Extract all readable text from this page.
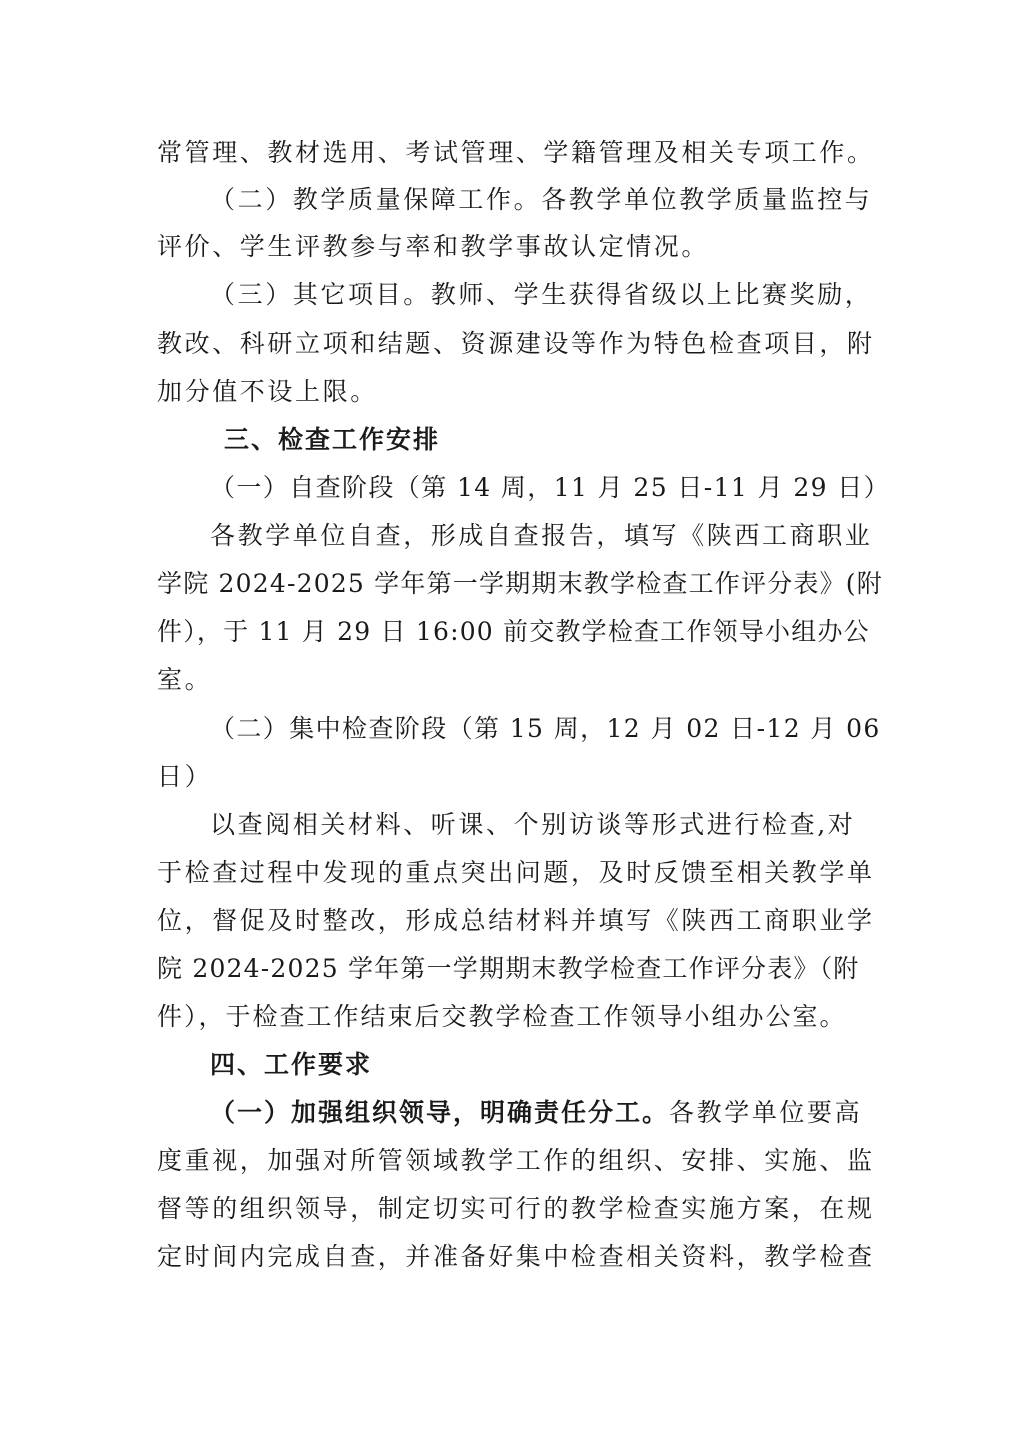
常管理、教材选用、考试管理、学籍管理及相关专项工作。
（二）教学质量保障工作。各教学单位教学质量监控与
评价、学生评教参与率和教学事故认定情况。
（三）其它项目。教师、学生获得省级以上比赛奖励，
教改、科研立项和结题、资源建设等作为特色检查项目，附
加分值不设上限。
三、检查工作安排
（一）自查阶段（第 14 周，11 月 25 日-11 月 29 日）
各教学单位自查，形成自查报告，填写《陕西工商职业
学院 2024-2025 学年第一学期期末教学检查工作评分表》(附
件），于 11 月 29 日 16:00 前交教学检查工作领导小组办公
室。
（二）集中检查阶段（第 15 周，12 月 02 日-12 月 06
日）
以查阅相关材料、听课、个别访谈等形式进行检查,对
于检查过程中发现的重点突出问题，及时反馈至相关教学单
位，督促及时整改，形成总结材料并填写《陕西工商职业学
院 2024-2025 学年第一学期期末教学检查工作评分表》（附
件），于检查工作结束后交教学检查工作领导小组办公室。
四、工作要求
（一）加强组织领导，明确责任分工。各教学单位要高
度重视，加强对所管领域教学工作的组织、安排、实施、监
督等的组织领导，制定切实可行的教学检查实施方案，在规
定时间内完成自查，并准备好集中检查相关资料，教学检查
